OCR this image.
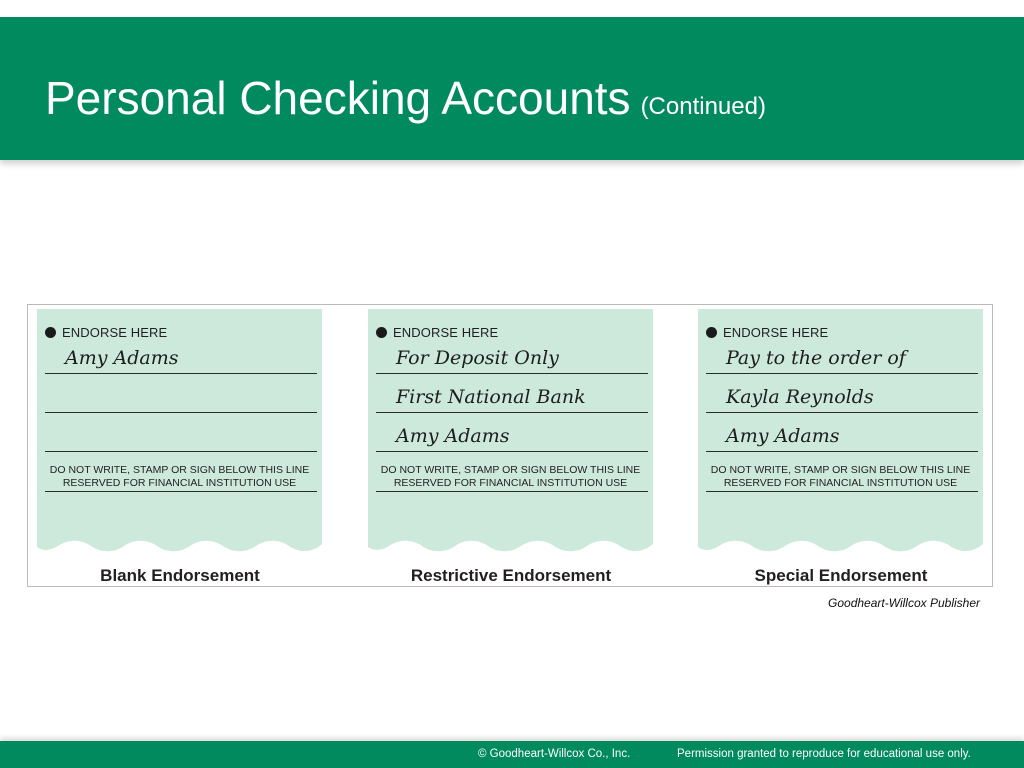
Personal Checking Accounts (Continued)
ENDORSE HERE
Amy Adams
DO NOT WRITE, STAMP OR SIGN BELOW THIS LINE
RESERVED FOR FINANCIAL INSTITUTION USE
Blank Endorsement
ENDORSE HERE
For Deposit Only
First National Bank
Amy Adams
DO NOT WRITE, STAMP OR SIGN BELOW THIS LINE
RESERVED FOR FINANCIAL INSTITUTION USE
Restrictive Endorsement
ENDORSE HERE
Pay to the order of
Kayla Reynolds
Amy Adams
DO NOT WRITE, STAMP OR SIGN BELOW THIS LINE
RESERVED FOR FINANCIAL INSTITUTION USE
Special Endorsement
Goodheart-Willcox Publisher
© Goodheart-Willcox Co., Inc.	Permission granted to reproduce for educational use only.
